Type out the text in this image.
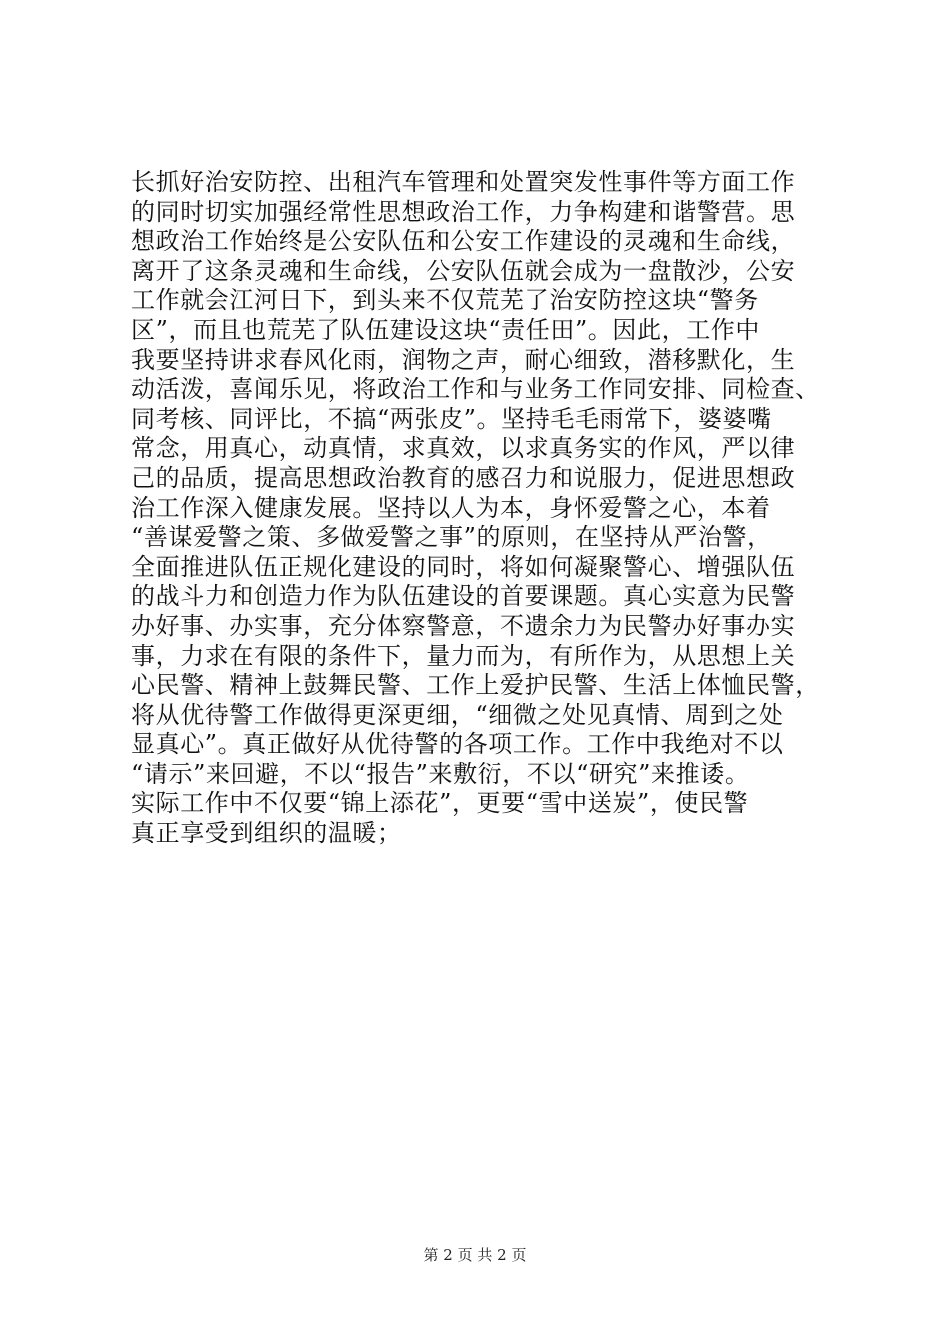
长抓好治安防控、出租汽车管理和处置突发性事件等方面工作
的同时切实加强经常性思想政治工作，力争构建和谐警营。思
想政治工作始终是公安队伍和公安工作建设的灵魂和生命线，
离开了这条灵魂和生命线，公安队伍就会成为一盘散沙，公安
工作就会江河日下，到头来不仅荒芜了治安防控这块“警务
区”，而且也荒芜了队伍建设这块“责任田”。因此，工作中
我要坚持讲求春风化雨，润物之声，耐心细致，潜移默化，生
动活泼，喜闻乐见，将政治工作和与业务工作同安排、同检查、
同考核、同评比，不搞“两张皮”。坚持毛毛雨常下，婆婆嘴
常念，用真心，动真情，求真效，以求真务实的作风，严以律
己的品质，提高思想政治教育的感召力和说服力，促进思想政
治工作深入健康发展。坚持以人为本，身怀爱警之心，本着
“善谋爱警之策、多做爱警之事”的原则，在坚持从严治警，
全面推进队伍正规化建设的同时，将如何凝聚警心、增强队伍
的战斗力和创造力作为队伍建设的首要课题。真心实意为民警
办好事、办实事，充分体察警意，不遗余力为民警办好事办实
事，力求在有限的条件下，量力而为，有所作为，从思想上关
心民警、精神上鼓舞民警、工作上爱护民警、生活上体恤民警，
将从优待警工作做得更深更细，“细微之处见真情、周到之处
显真心”。真正做好从优待警的各项工作。工作中我绝对不以
“请示”来回避，不以“报告”来敷衍，不以“研究”来推诿。
实际工作中不仅要“锦上添花”，更要“雪中送炭”，使民警
真正享受到组织的温暖；
第 2 页 共 2 页
